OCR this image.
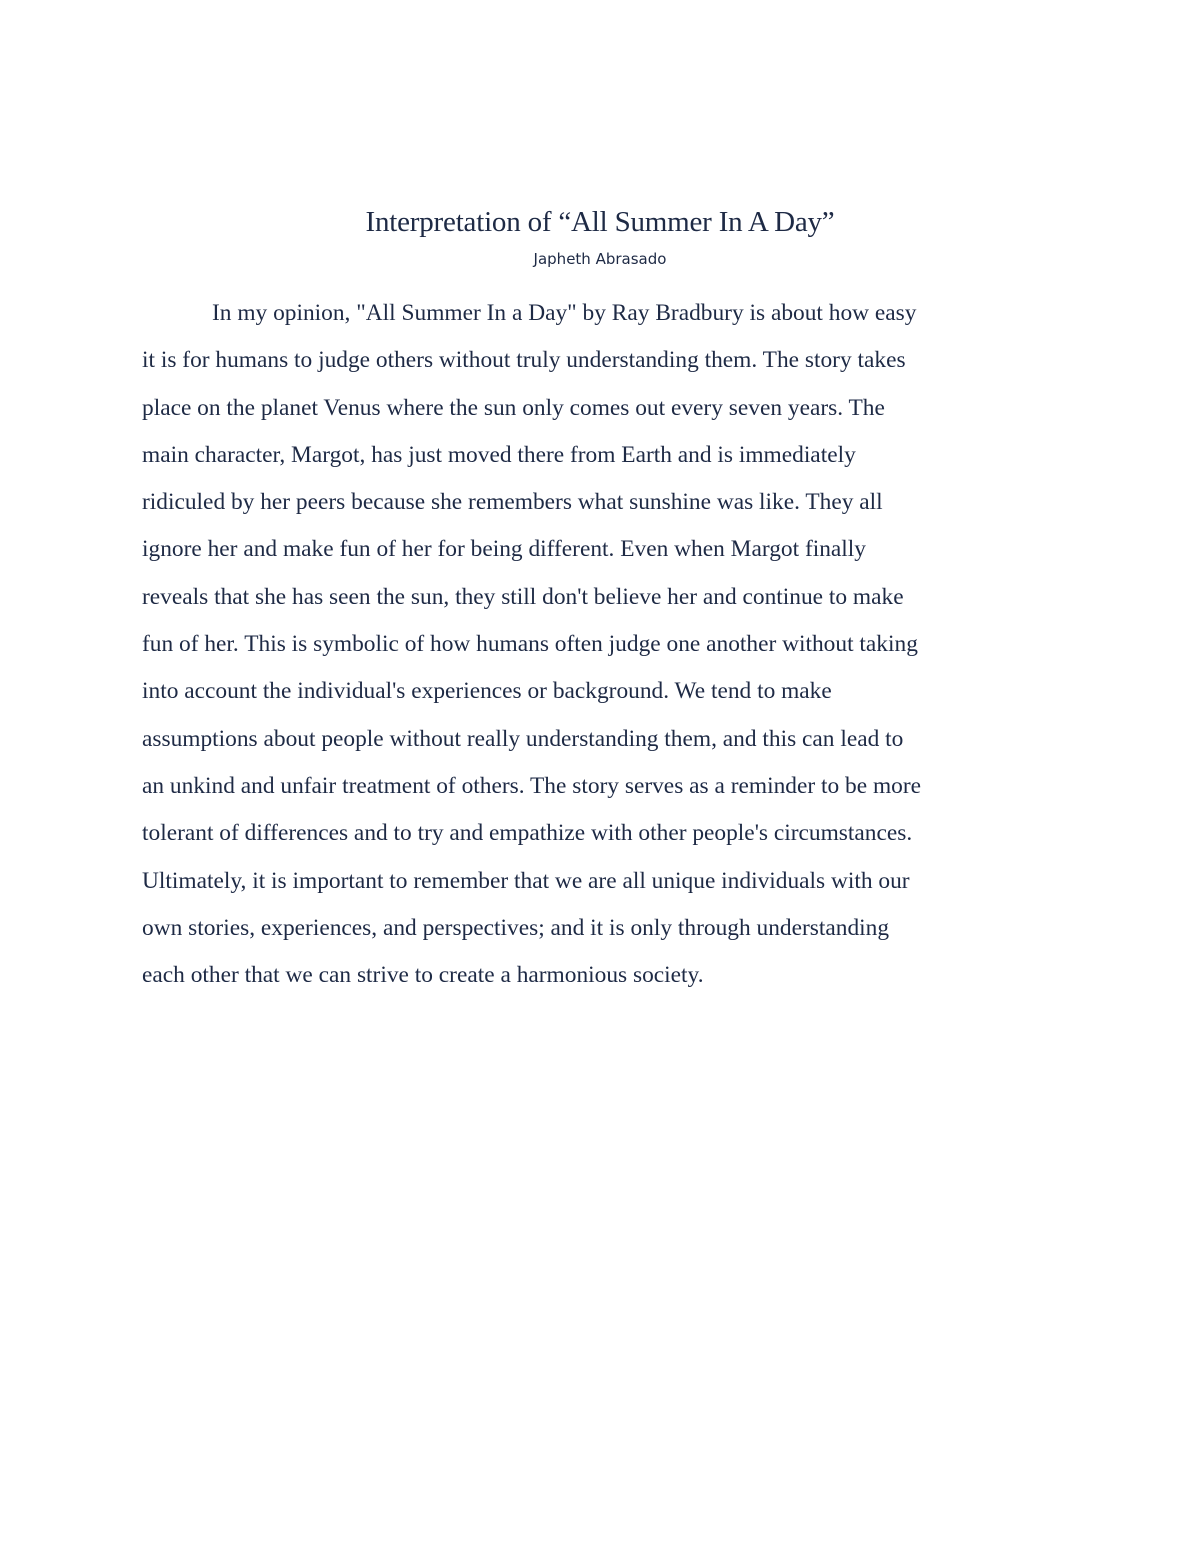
Interpretation of “All Summer In A Day”
Japheth Abrasado
In my opinion, "All Summer In a Day" by Ray Bradbury is about how easy
it is for humans to judge others without truly understanding them. The story takes
place on the planet Venus where the sun only comes out every seven years. The
main character, Margot, has just moved there from Earth and is immediately
ridiculed by her peers because she remembers what sunshine was like. They all
ignore her and make fun of her for being different. Even when Margot finally
reveals that she has seen the sun, they still don't believe her and continue to make
fun of her. This is symbolic of how humans often judge one another without taking
into account the individual's experiences or background. We tend to make
assumptions about people without really understanding them, and this can lead to
an unkind and unfair treatment of others. The story serves as a reminder to be more
tolerant of differences and to try and empathize with other people's circumstances.
Ultimately, it is important to remember that we are all unique individuals with our
own stories, experiences, and perspectives; and it is only through understanding
each other that we can strive to create a harmonious society.
